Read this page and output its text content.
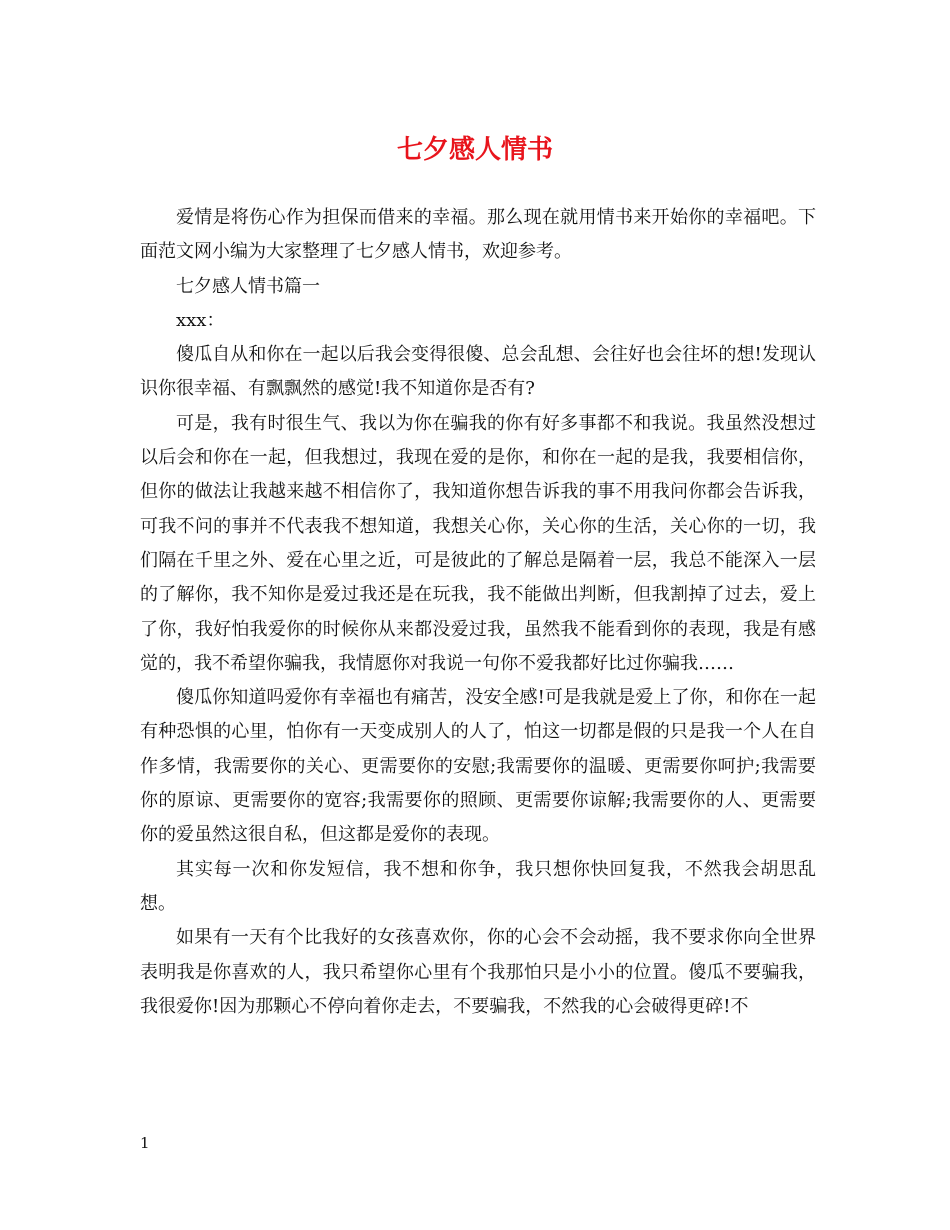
七夕感人情书

爱情是将伤心作为担保而借来的幸福。那么现在就用情书来开始你的幸福吧。下面范文网小编为大家整理了七夕感人情书，欢迎参考。

七夕感人情书篇一

xxx：

傻瓜自从和你在一起以后我会变得很傻、总会乱想、会往好也会往坏的想!发现认识你很幸福、有飘飘然的感觉!我不知道你是否有?

可是，我有时很生气、我以为你在骗我的你有好多事都不和我说。我虽然没想过以后会和你在一起，但我想过，我现在爱的是你，和你在一起的是我，我要相信你，但你的做法让我越来越不相信你了，我知道你想告诉我的事不用我问你都会告诉我，可我不问的事并不代表我不想知道，我想关心你，关心你的生活，关心你的一切，我们隔在千里之外、爱在心里之近，可是彼此的了解总是隔着一层，我总不能深入一层的了解你，我不知你是爱过我还是在玩我，我不能做出判断，但我割掉了过去，爱上了你，我好怕我爱你的时候你从来都没爱过我，虽然我不能看到你的表现，我是有感觉的，我不希望你骗我，我情愿你对我说一句你不爱我都好比过你骗我……

傻瓜你知道吗爱你有幸福也有痛苦，没安全感!可是我就是爱上了你，和你在一起有种恐惧的心里，怕你有一天变成别人的人了，怕这一切都是假的只是我一个人在自作多情，我需要你的关心、更需要你的安慰;我需要你的温暖、更需要你呵护;我需要你的原谅、更需要你的宽容;我需要你的照顾、更需要你谅解;我需要你的人、更需要你的爱虽然这很自私，但这都是爱你的表现。

其实每一次和你发短信，我不想和你争，我只想你快回复我，不然我会胡思乱想。

如果有一天有个比我好的女孩喜欢你，你的心会不会动摇，我不要求你向全世界表明我是你喜欢的人，我只希望你心里有个我那怕只是小小的位置。傻瓜不要骗我，我很爱你!因为那颗心不停向着你走去，不要骗我，不然我的心会破得更碎!不

1
